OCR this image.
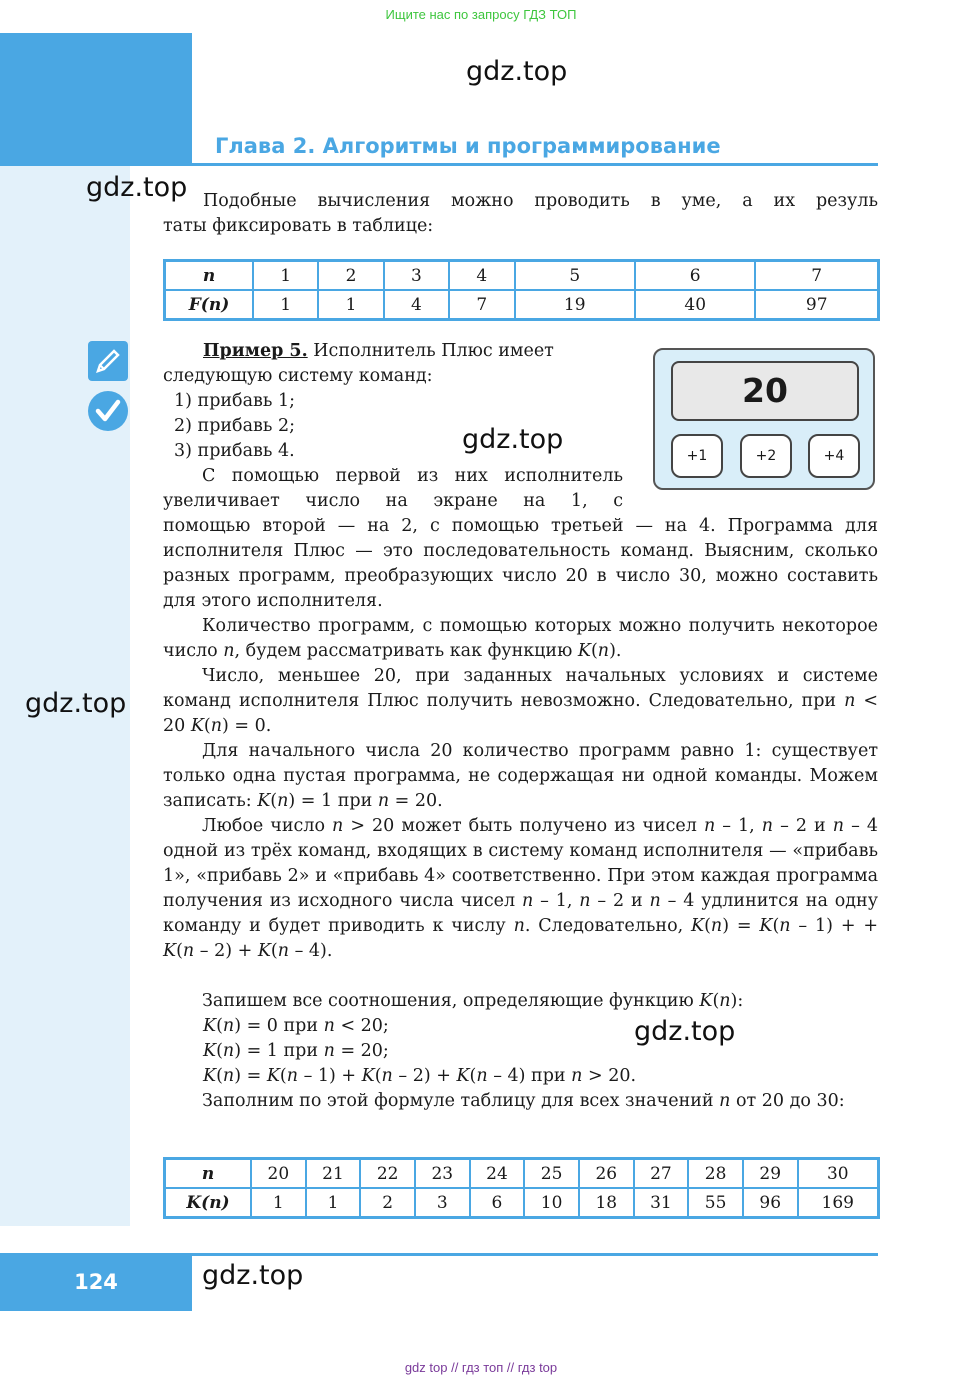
Ищите нас по запросу ГДЗ ТОП
gdz.top
Глава 2. Алгоритмы и программирование
gdz.top Подобные вычисления можно проводить в уме, а их резуль
таты фиксировать в таблице:
n	1	2	3	4	5	6	7
F(n)	1	1	4	7	19	40	97
Пример 5. Исполнитель Плюс имеет
следующую систему команд:
1) прибавь 1;
2) прибавь 2;
3) прибавь 4.	gdz.top
20
+1	+2	+4
С помощью первой из них исполнитель увеличивает число на экране на 1, с
помощью второй — на 2, с помощью третьей — на 4. Программа для исполнителя Плюс — это последовательность команд. Выясним, сколько разных программ, преобразующих число 20 в число 30, можно составить для этого исполнителя.
Количество программ, с помощью которых можно получить некоторое число n, будем рассматривать как функцию K(n).
Число, меньшее 20, при заданных начальных условиях и системе команд исполнителя Плюс получить невозможно. Следовательно, при n < 20 K(n) = 0.
gdz.top
Для начального числа 20 количество программ равно 1: существует только одна пустая программа, не содержащая ни одной команды. Можем записать: K(n) = 1 при n = 20.
Любое число n > 20 может быть получено из чисел n – 1, n – 2 и n – 4 одной из трёх команд, входящих в систему команд исполнителя — «прибавь 1», «прибавь 2» и «прибавь 4» соответственно. При этом каждая программа получения из исходного числа чисел n – 1, n – 2 и n – 4 удлинится на одну команду и будет приводить к числу n. Следовательно, K(n) = K(n – 1) + + K(n – 2) + K(n – 4).
Запишем все соотношения, определяющие функцию K(n):
K(n) = 0 при n < 20;
K(n) = 1 при n = 20;
K(n) = K(n – 1) + K(n – 2) + K(n – 4) при n > 20.
gdz.top
Заполним по этой формуле таблицу для всех значений n от 20 до 30:
n	20	21	22	23	24	25	26	27	28	29	30
K(n)	1	1	2	3	6	10	18	31	55	96	169
124	gdz.top
gdz top // гдз топ // гдз top
